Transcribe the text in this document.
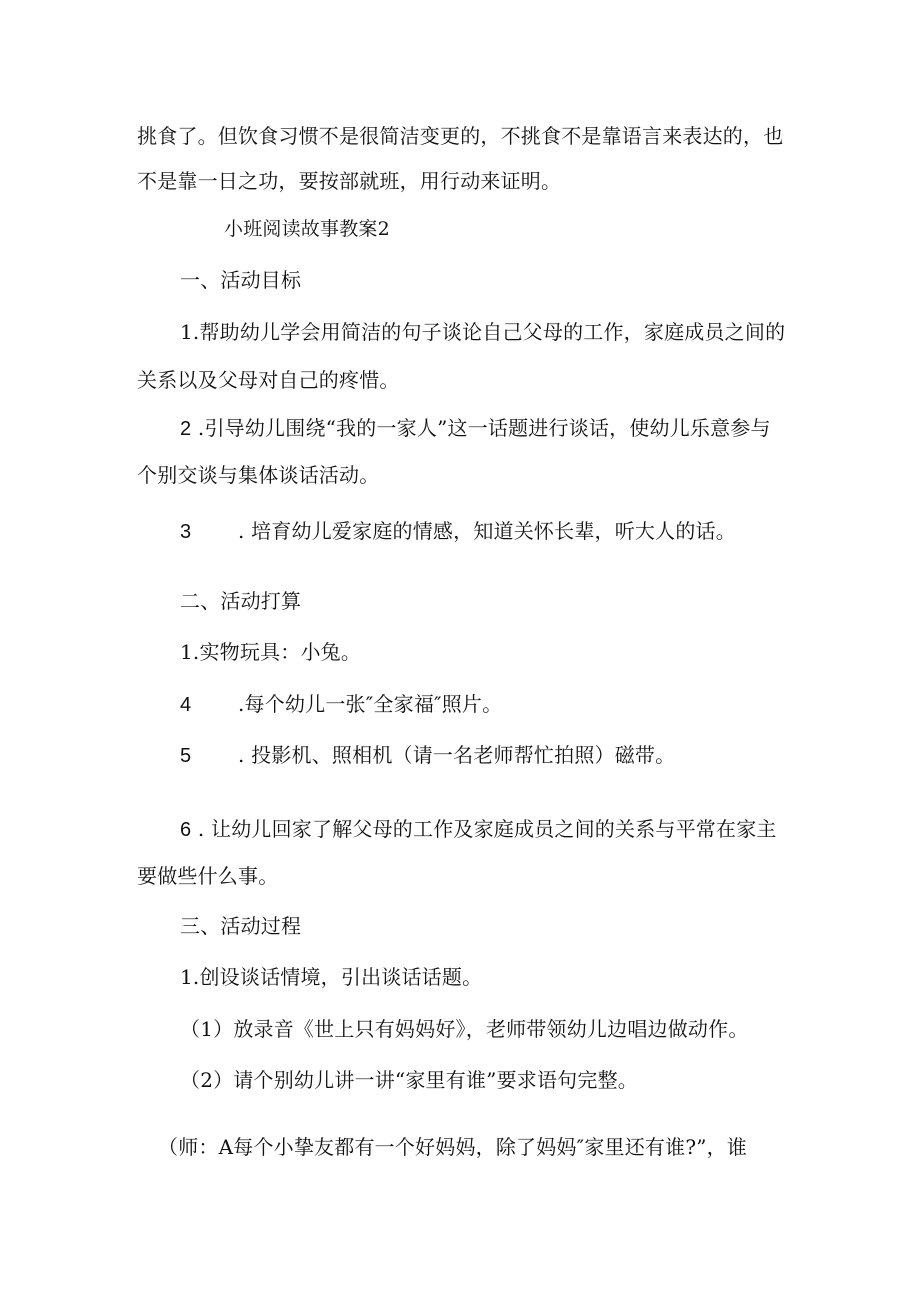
挑食了。但饮食习惯不是很简洁变更的，不挑食不是靠语言来表达的，也
不是靠一日之功，要按部就班，用行动来证明。
小班阅读故事教案2
一、活动目标
1.帮助幼儿学会用简洁的句子谈论自己父母的工作，家庭成员之间的
关系以及父母对自己的疼惜。
2 .引导幼儿围绕“我的一家人”这一话题进行谈话，使幼儿乐意参与
个别交谈与集体谈话活动。
3 . 培育幼儿爱家庭的情感，知道关怀长辈，听大人的话。
二、活动打算
1.实物玩具：小兔。
4 .每个幼儿一张″全家福″照片。
5 . 投影机、照相机（请一名老师帮忙拍照）磁带。
6 . 让幼儿回家了解父母的工作及家庭成员之间的关系与平常在家主
要做些什么事。
三、活动过程
1.创设谈话情境，引出谈话话题。
（1）放录音《世上只有妈妈好》，老师带领幼儿边唱边做动作。
（2）请个别幼儿讲一讲“家里有谁”要求语句完整。
（师：A每个小挚友都有一个好妈妈，除了妈妈″家里还有谁?”，谁
